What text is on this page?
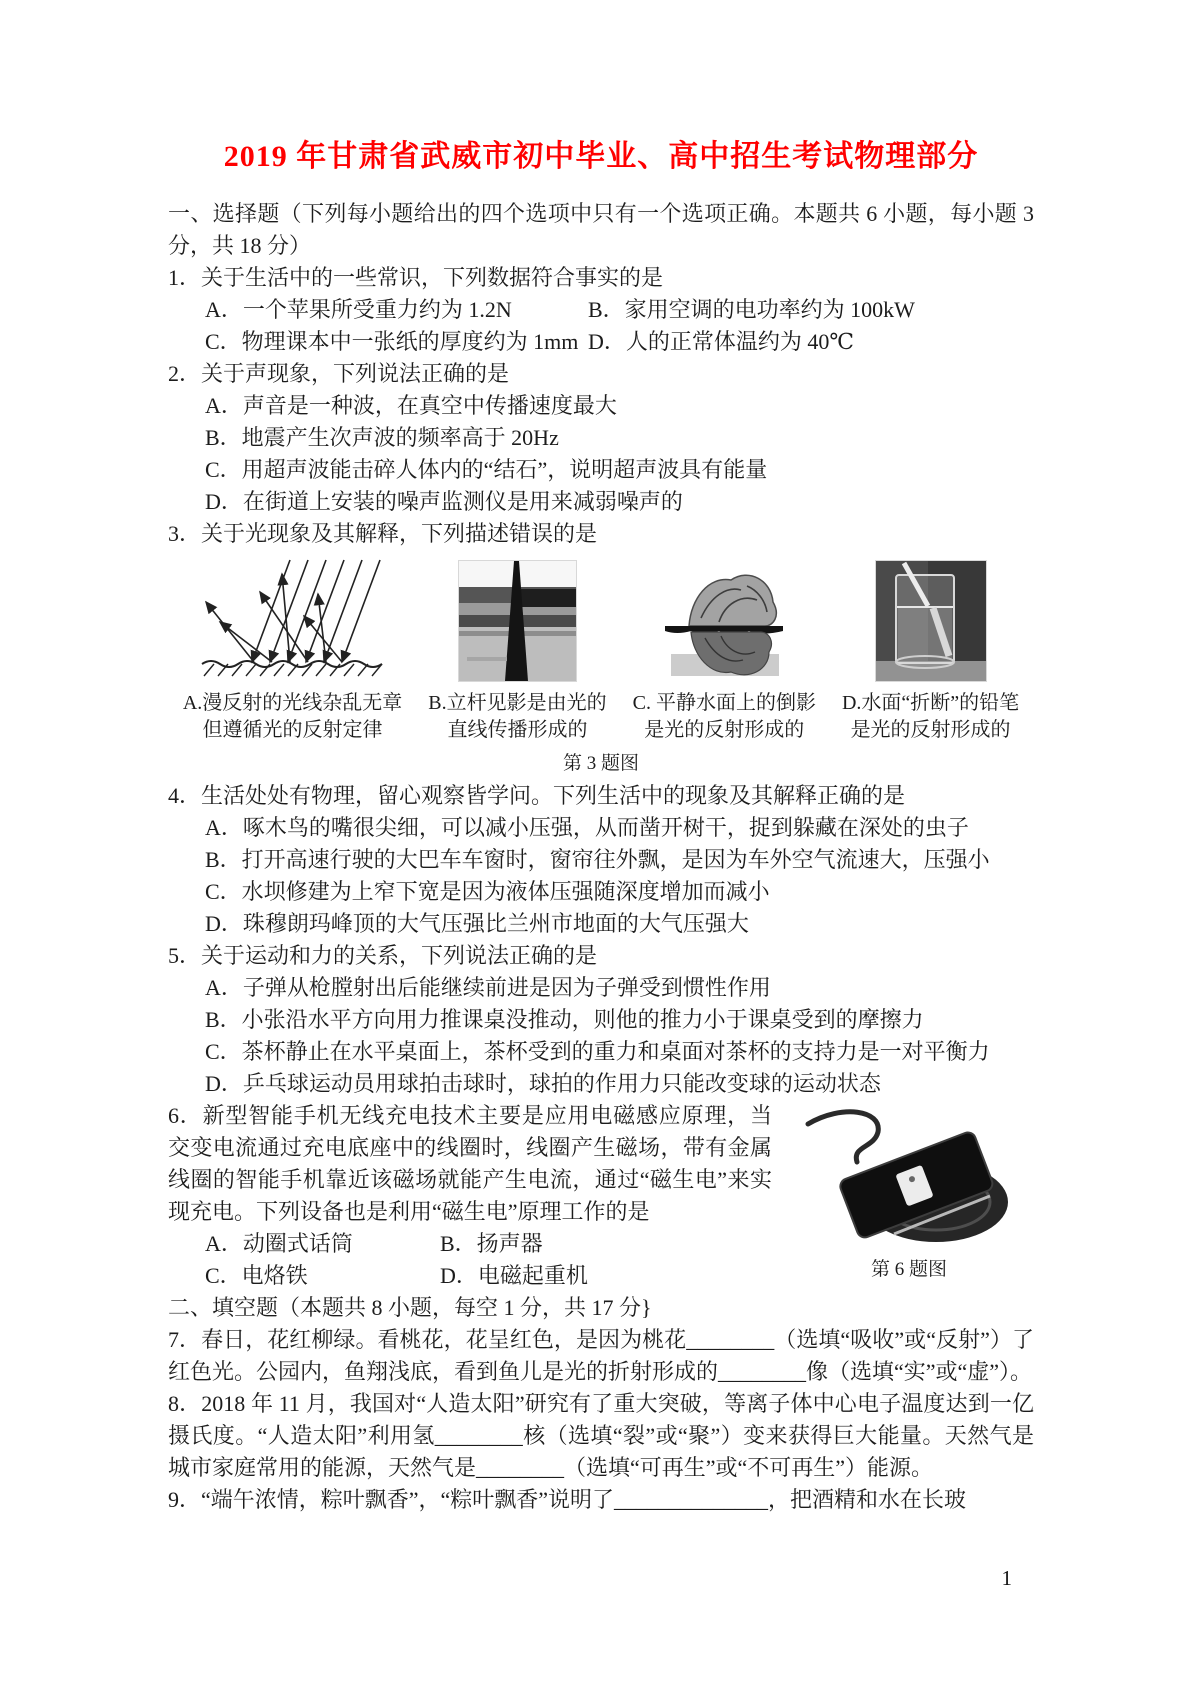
2019 年甘肃省武威市初中毕业、高中招生考试物理部分

一、选择题（下列每小题给出的四个选项中只有一个选项正确。本题共 6 小题，每小题 3 分，共 18 分）

1．关于生活中的一些常识，下列数据符合事实的是

A．一个苹果所受重力约为 1.2N	B．家用空调的电功率约为 100kW
C．物理课本中一张纸的厚度约为 1mm D．人的正常体温约为 40℃

2．关于声现象，下列说法正确的是

A．声音是一种波，在真空中传播速度最大

B．地震产生次声波的频率高于 20Hz

C．用超声波能击碎人体内的“结石”，说明超声波具有能量

D．在街道上安装的噪声监测仪是用来减弱噪声的

3．关于光现象及其解释，下列描述错误的是

A.漫反射的光线杂乱无章
但遵循光的反射定律
B.立杆见影是由光的
直线传播形成的
C. 平静水面上的倒影
是光的反射形成的
D.水面“折断”的铅笔
是光的反射形成的
第 3 题图

4．生活处处有物理，留心观察皆学问。下列生活中的现象及其解释正确的是

A．啄木鸟的嘴很尖细，可以减小压强，从而凿开树干，捉到躲藏在深处的虫子

B．打开高速行驶的大巴车车窗时，窗帘往外飘，是因为车外空气流速大，压强小

C．水坝修建为上窄下宽是因为液体压强随深度增加而减小

D．珠穆朗玛峰顶的大气压强比兰州市地面的大气压强大

5．关于运动和力的关系，下列说法正确的是

A．子弹从枪膛射出后能继续前进是因为子弹受到惯性作用

B．小张沿水平方向用力推课桌没推动，则他的推力小于课桌受到的摩擦力

C．茶杯静止在水平桌面上，茶杯受到的重力和桌面对茶杯的支持力是一对平衡力

D．乒乓球运动员用球拍击球时，球拍的作用力只能改变球的运动状态

第 6 题图

6．新型智能手机无线充电技术主要是应用电磁感应原理，当交变电流通过充电底座中的线圈时，线圈产生磁场，带有金属线圈的智能手机靠近该磁场就能产生电流，通过“磁生电”来实现充电。下列设备也是利用“磁生电”原理工作的是

A．动圈式话筒	B．扬声器
C．电烙铁	D．电磁起重机

二、填空题（本题共 8 小题，每空 1 分，共 17 分}

7．春日，花红柳绿。看桃花，花呈红色，是因为桃花________（选填“吸收”或“反射”）了红色光。公园内，鱼翔浅底，看到鱼儿是光的折射形成的________像（选填“实”或“虚”）。

8．2018 年 11 月，我国对“人造太阳”研究有了重大突破，等离子体中心电子温度达到一亿摄氏度。“人造太阳”利用氢________核（选填“裂”或“聚”）变来获得巨大能量。天然气是城市家庭常用的能源，天然气是________（选填“可再生”或“不可再生”）能源。

9．“端午浓情，粽叶飘香”，“粽叶飘香”说明了______________，把酒精和水在长玻

1
